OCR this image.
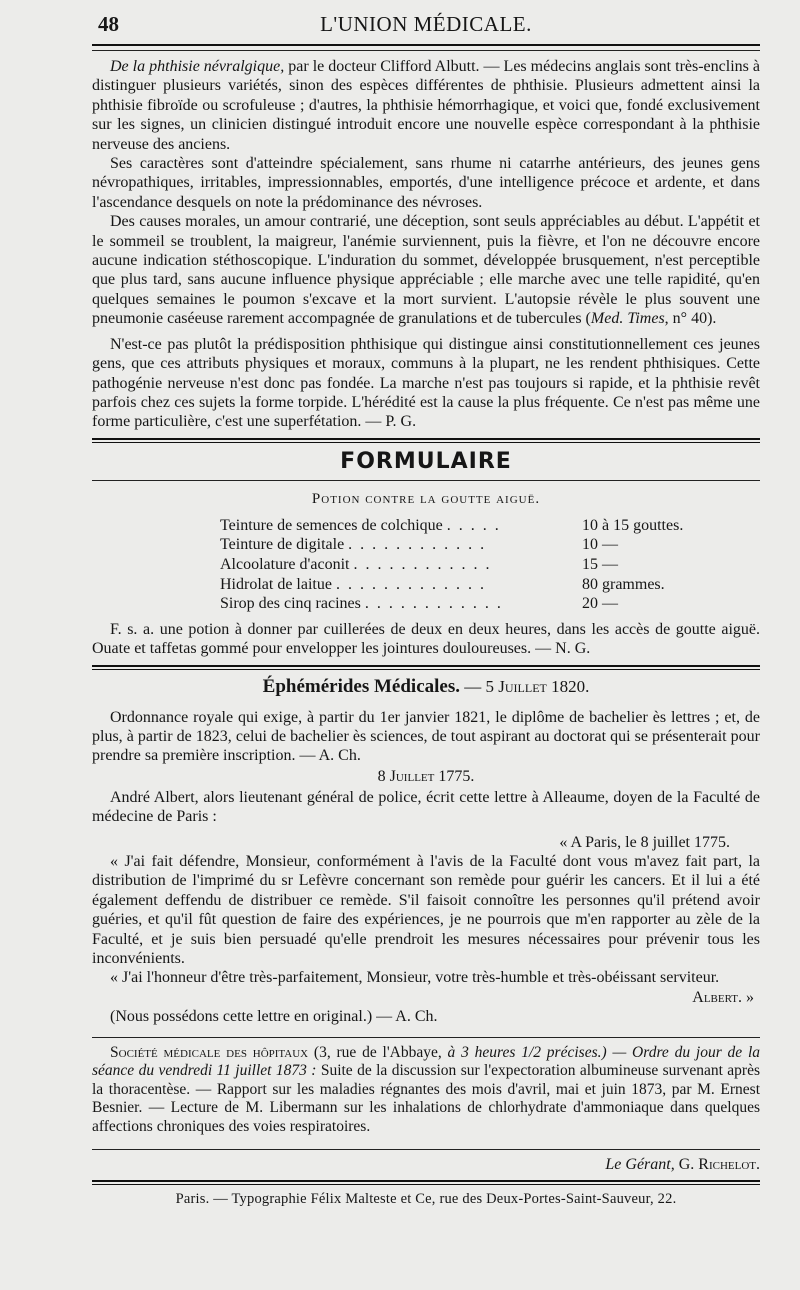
48	L'UNION MÉDICALE.

De la phthisie névralgique, par le docteur Clifford Albutt. — Les médecins anglais sont très-enclins à distinguer plusieurs variétés, sinon des espèces différentes de phthisie. Plusieurs admettent ainsi la phthisie fibroïde ou scrofuleuse ; d'autres, la phthisie hémorrhagique, et voici que, fondé exclusivement sur les signes, un clinicien distingué introduit encore une nouvelle espèce correspondant à la phthisie nerveuse des anciens.

Ses caractères sont d'atteindre spécialement, sans rhume ni catarrhe antérieurs, des jeunes gens névropathiques, irritables, impressionnables, emportés, d'une intelligence précoce et ardente, et dans l'ascendance desquels on note la prédominance des névroses.

Des causes morales, un amour contrarié, une déception, sont seuls appréciables au début. L'appétit et le sommeil se troublent, la maigreur, l'anémie surviennent, puis la fièvre, et l'on ne découvre encore aucune indication stéthoscopique. L'induration du sommet, développée brusquement, n'est perceptible que plus tard, sans aucune influence physique appréciable ; elle marche avec une telle rapidité, qu'en quelques semaines le poumon s'excave et la mort survient. L'autopsie révèle le plus souvent une pneumonie caséeuse rarement accompagnée de granulations et de tubercules (Med. Times, n° 40).

N'est-ce pas plutôt la prédisposition phthisique qui distingue ainsi constitutionnellement ces jeunes gens, que ces attributs physiques et moraux, communs à la plupart, ne les rendent phthisiques. Cette pathogénie nerveuse n'est donc pas fondée. La marche n'est pas toujours si rapide, et la phthisie revêt parfois chez ces sujets la forme torpide. L'hérédité est la cause la plus fréquente. Ce n'est pas même une forme particulière, c'est une superfétation. — P. G.

FORMULAIRE
Potion contre la goutte aiguë.
Teinture de semences de colchique . . . . .	10 à 15 gouttes.
Teinture de digitale . . . . . . . . . . . .	10 —
Alcoolature d'aconit . . . . . . . . . . . .	15 —
Hidrolat de laitue . . . . . . . . . . . . .	80 grammes.
Sirop des cinq racines . . . . . . . . . . . .	20 —

F. s. a. une potion à donner par cuillerées de deux en deux heures, dans les accès de goutte aiguë. Ouate et taffetas gommé pour envelopper les jointures douloureuses. — N. G.

Éphémérides Médicales. — 5 Juillet 1820.

Ordonnance royale qui exige, à partir du 1er janvier 1821, le diplôme de bachelier ès lettres ; et, de plus, à partir de 1823, celui de bachelier ès sciences, de tout aspirant au doctorat qui se présenterait pour prendre sa première inscription. — A. Ch.

8 Juillet 1775.

André Albert, alors lieutenant général de police, écrit cette lettre à Alleaume, doyen de la Faculté de médecine de Paris :

« A Paris, le 8 juillet 1775.

« J'ai fait défendre, Monsieur, conformément à l'avis de la Faculté dont vous m'avez fait part, la distribution de l'imprimé du sr Lefèvre concernant son remède pour guérir les cancers. Et il lui a été également deffendu de distribuer ce remède. S'il faisoit connoître les personnes qu'il prétend avoir guéries, et qu'il fût question de faire des expériences, je ne pourrois que m'en rapporter au zèle de la Faculté, et je suis bien persuadé qu'elle prendroit les mesures nécessaires pour prévenir tous les inconvénients.

« J'ai l'honneur d'être très-parfaitement, Monsieur, votre très-humble et très-obéissant serviteur.

Albert. »

(Nous possédons cette lettre en original.) — A. Ch.

Société médicale des hôpitaux (3, rue de l'Abbaye, à 3 heures 1/2 précises.) — Ordre du jour de la séance du vendredi 11 juillet 1873 : Suite de la discussion sur l'expectoration albumineuse survenant après la thoracentèse. — Rapport sur les maladies régnantes des mois d'avril, mai et juin 1873, par M. Ernest Besnier. — Lecture de M. Libermann sur les inhalations de chlorhydrate d'ammoniaque dans quelques affections chroniques des voies respiratoires.

Le Gérant, G. Richelot.
Paris. — Typographie Félix Malteste et Ce, rue des Deux-Portes-Saint-Sauveur, 22.
